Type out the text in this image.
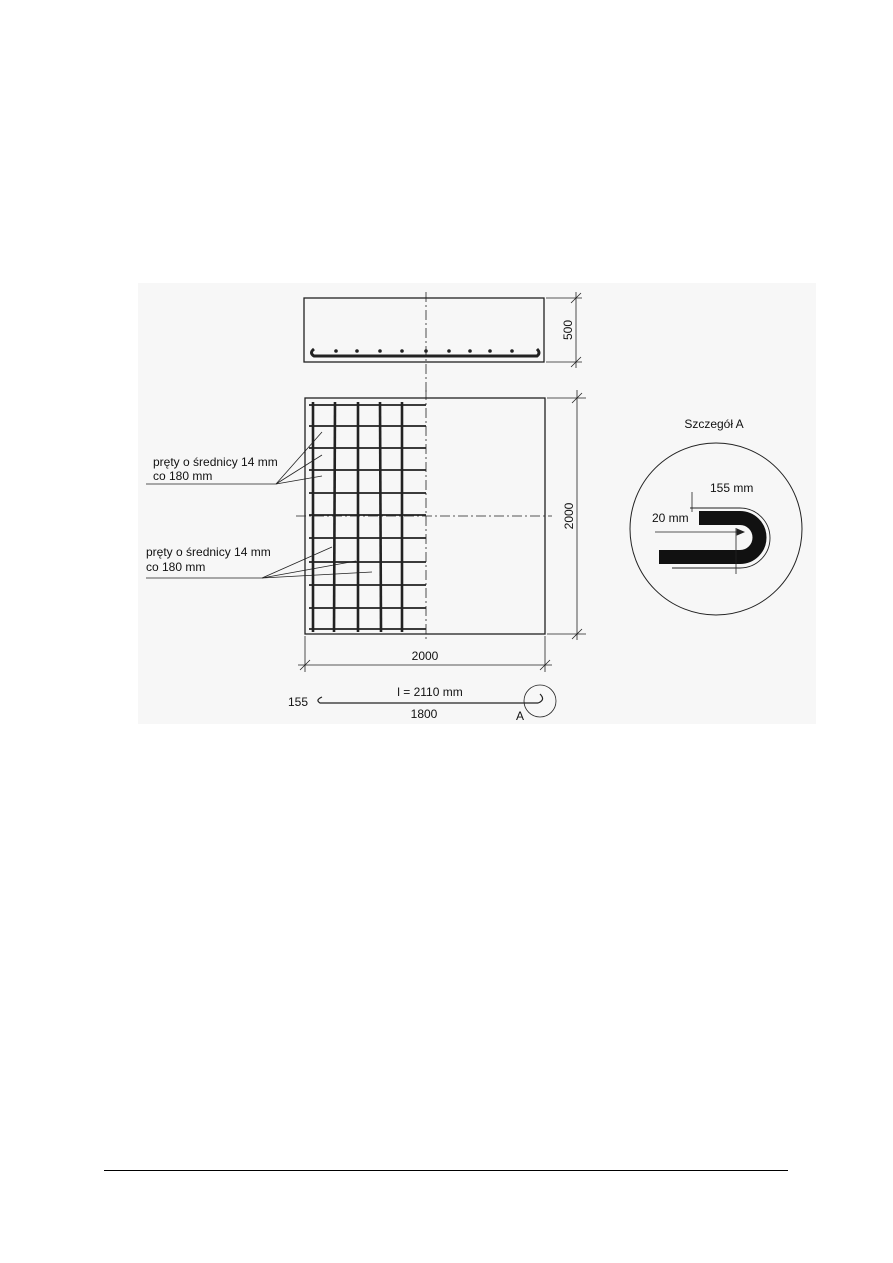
500
2000
2000
pręty o średnicy 14 mm
co 180 mm
pręty o średnicy 14 mm
co 180 mm
155
l = 2110 mm
1800	A
Szczegół A
155 mm
20 mm
